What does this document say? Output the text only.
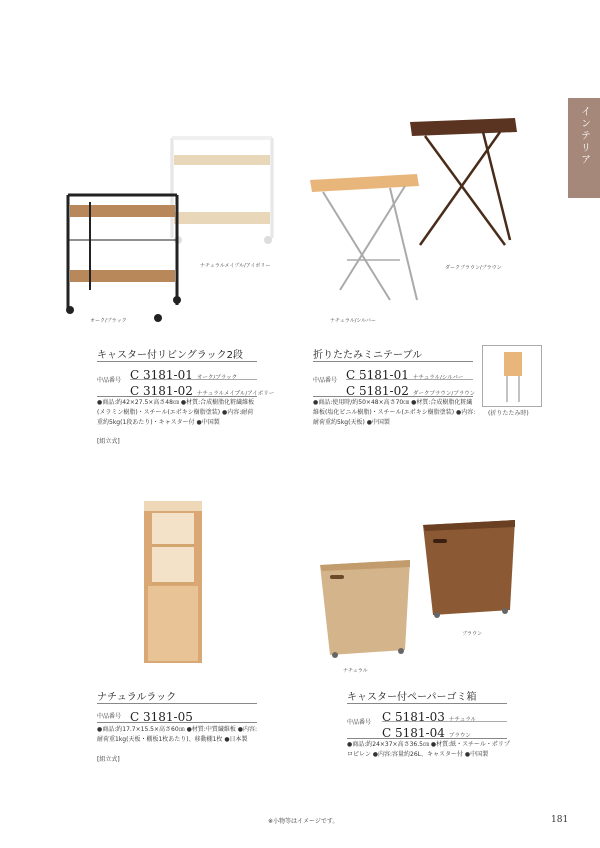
インテリア
ナチュラルメイプル/アイボリー
オーク/ブラック
ダークブラウン/ブラウン
ナチュラル/シルバー
キャスター付リビングラック2段
中品番号 C 3181-01 オーク/ブラック
C 3181-02 ナチュラルメイプル/アイボリー
●商品:約42×27.5×高さ48㎝ ●材質:合成樹脂化粧繊維板(メラミン樹脂)・スチール(エポキシ樹脂塗装) ●内容:耐荷重約5kg(1段あたり)・キャスター付 ●中国製
[組立式]
折りたたみミニテーブル
中品番号 C 5181-01 ナチュラル/シルバー
C 5181-02 ダークブラウン/ブラウン
●商品:使用時/約50×48×高さ70㎝ ●材質:合成樹脂化粧繊維板(塩化ビニル樹脂)・スチール(エポキシ樹脂塗装) ●内容:耐荷重約5kg(天板) ●中国製
(折りたたみ時)
ブラウン
ナチュラル
ナチュラルラック
中品番号 C 3181-05
●商品:約17.7×15.5×高さ60㎝ ●材質:中質繊維板 ●内容:耐荷重1kg(天板・棚板1枚あたり)、移動棚1枚 ●日本製
[組立式]
キャスター付ペーパーゴミ箱
中品番号 C 5181-03 ナチュラル
C 5181-04 ブラウン
●商品:約24×37×高さ36.5㎝ ●材質:紙・スチール・ポリプロピレン ●内容:容量約26L、キャスター付 ●中国製
※小物等はイメージです。	181
